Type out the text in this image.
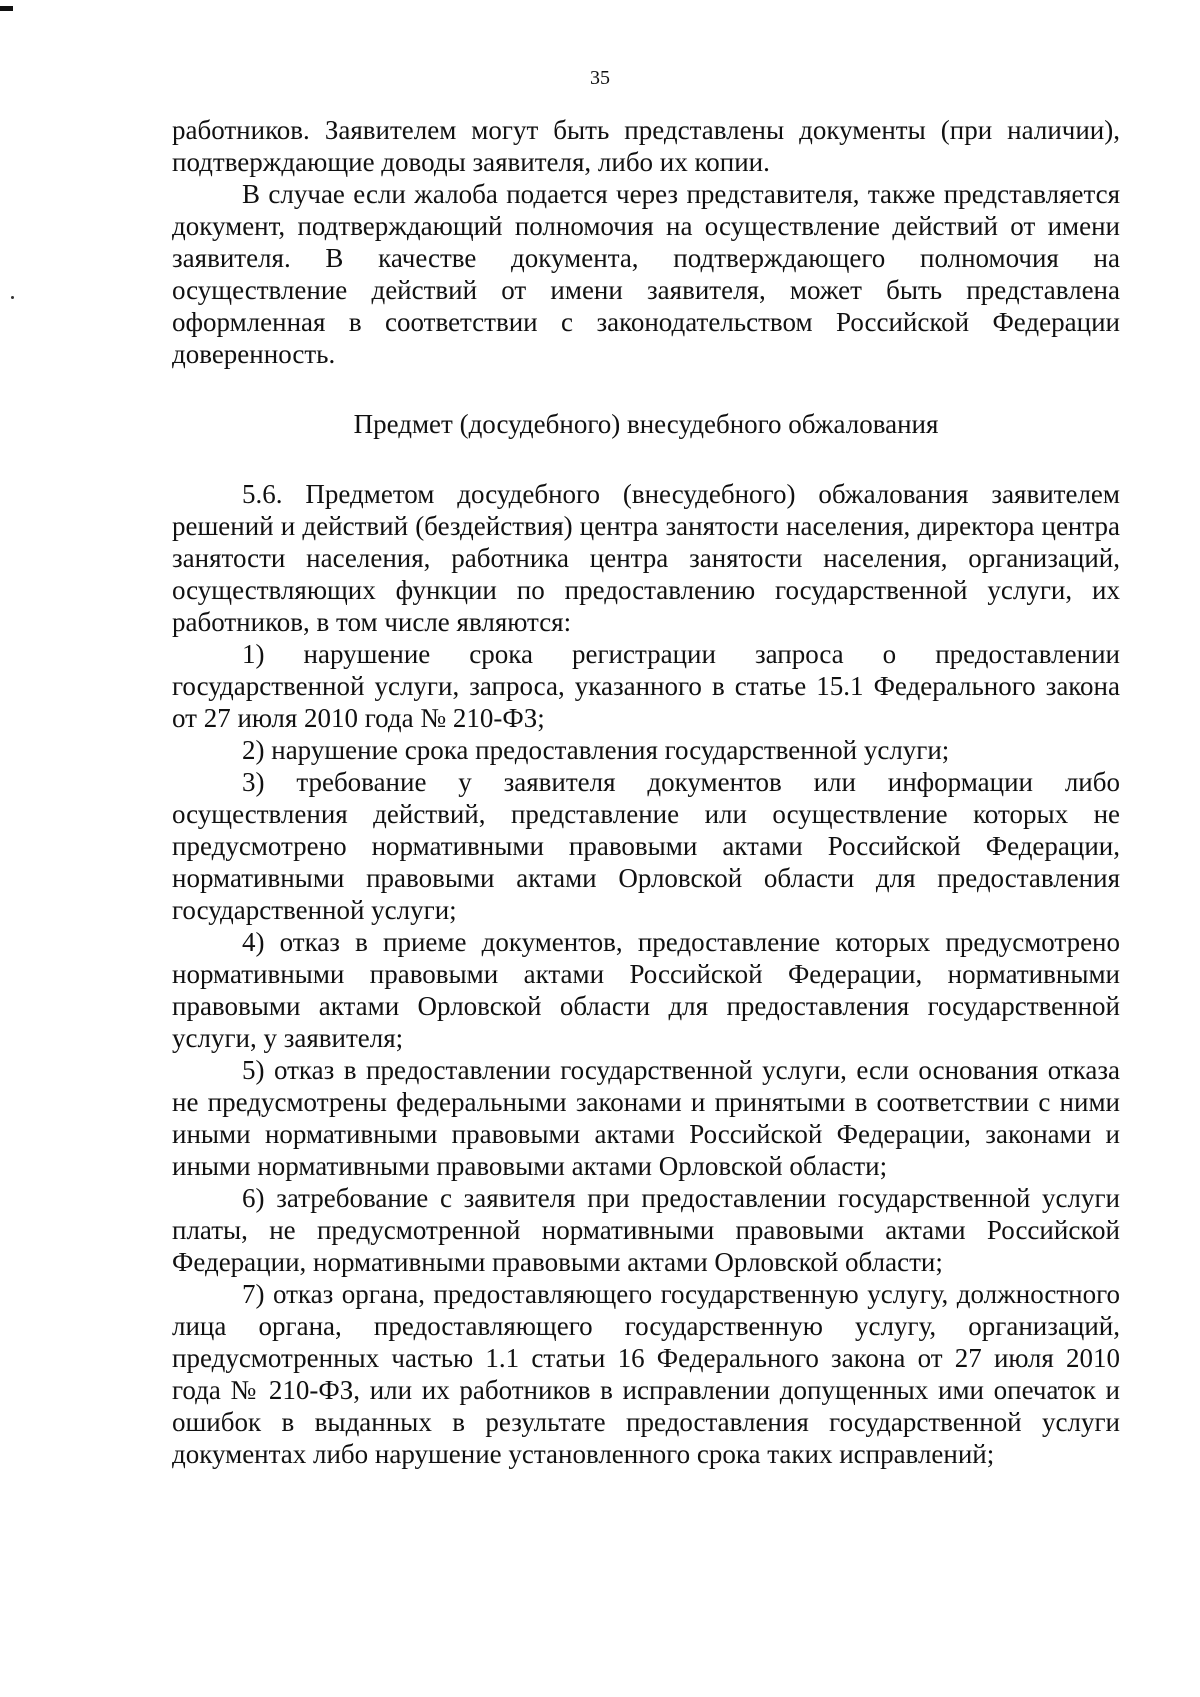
35

работников. Заявителем могут быть представлены документы (при наличии), подтверждающие доводы заявителя, либо их копии.

В случае если жалоба подается через представителя, также представляется документ, подтверждающий полномочия на осуществление действий от имени заявителя. В качестве документа, подтверждающего полномочия на осуществление действий от имени заявителя, может быть представлена оформленная в соответствии с законодательством Российской Федерации доверенность.

Предмет (досудебного) внесудебного обжалования

5.6. Предметом досудебного (внесудебного) обжалования заявителем решений и действий (бездействия) центра занятости населения, директора центра занятости населения, работника центра занятости населения, организаций, осуществляющих функции по предоставлению государственной услуги, их работников, в том числе являются:

1) нарушение срока регистрации запроса о предоставлении государственной услуги, запроса, указанного в статье 15.1 Федерального закона от 27 июля 2010 года № 210-ФЗ;

2) нарушение срока предоставления государственной услуги;

3) требование у заявителя документов или информации либо осуществления действий, представление или осуществление которых не предусмотрено нормативными правовыми актами Российской Федерации, нормативными правовыми актами Орловской области для предоставления государственной услуги;

4) отказ в приеме документов, предоставление которых предусмотрено нормативными правовыми актами Российской Федерации, нормативными правовыми актами Орловской области для предоставления государственной услуги, у заявителя;

5) отказ в предоставлении государственной услуги, если основания отказа не предусмотрены федеральными законами и принятыми в соответствии с ними иными нормативными правовыми актами Российской Федерации, законами и иными нормативными правовыми актами Орловской области;

6) затребование с заявителя при предоставлении государственной услуги платы, не предусмотренной нормативными правовыми актами Российской Федерации, нормативными правовыми актами Орловской области;

7) отказ органа, предоставляющего государственную услугу, должностного лица органа, предоставляющего государственную услугу, организаций, предусмотренных частью 1.1 статьи 16 Федерального закона от 27 июля 2010 года № 210-ФЗ, или их работников в исправлении допущенных ими опечаток и ошибок в выданных в результате предоставления государственной услуги документах либо нарушение установленного срока таких исправлений;
